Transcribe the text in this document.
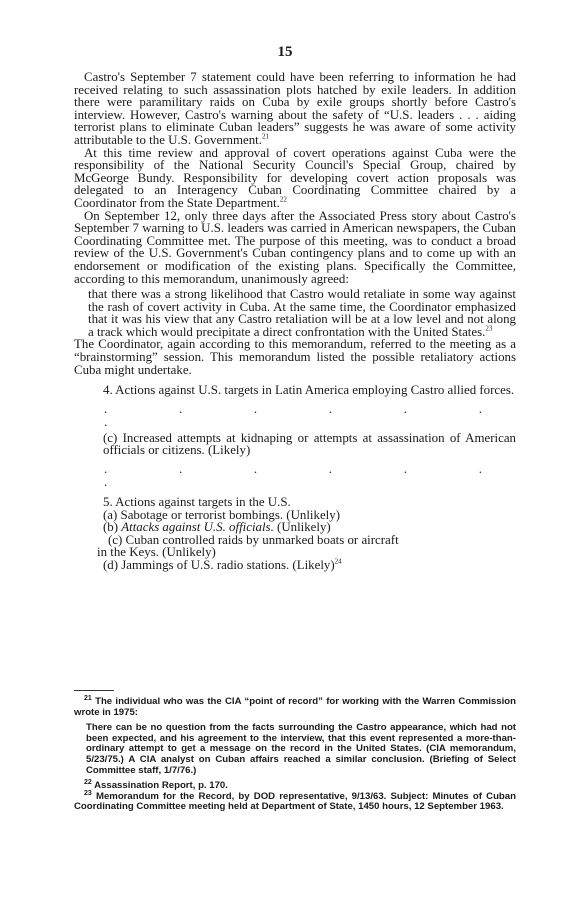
15

Castro's September 7 statement could have been referring to information he had received relating to such assassination plots hatched by exile leaders. In addition there were paramilitary raids on Cuba by exile groups shortly before Castro's interview. However, Castro's warning about the safety of “U.S. leaders . . . aiding terrorist plans to eliminate Cuban leaders” suggests he was aware of some activity attributable to the U.S. Government.$^{21}$

At this time review and approval of covert operations against Cuba were the responsibility of the National Security Council's Special Group, chaired by McGeorge Bundy. Responsibility for developing covert action proposals was delegated to an Interagency Cuban Coordinating Committee chaired by a Coordinator from the State Department.$^{22}$

On September 12, only three days after the Associated Press story about Castro's September 7 warning to U.S. leaders was carried in American newspapers, the Cuban Coordinating Committee met. The purpose of this meeting, was to conduct a broad review of the U.S. Government's Cuban contingency plans and to come up with an endorsement or modification of the existing plans. Specifically the Committee, according to this memorandum, unanimously agreed:

that there was a strong likelihood that Castro would retaliate in some way against the rash of covert activity in Cuba. At the same time, the Coordinator emphasized that it was his view that any Castro retaliation will be at a low level and not along a track which would precipitate a direct confrontation with the United States.$^{23}$

The Coordinator, again according to this memorandum, referred to the meeting as a “brainstorming” session. This memorandum listed the possible retaliatory actions Cuba might undertake.

4. Actions against U.S. targets in Latin America employing Castro allied forces.
. . . . . . .
(c) Increased attempts at kidnaping or attempts at assassination of American officials or citizens. (Likely)
. . . . . . .
5. Actions against targets in the U.S.
(a) Sabotage or terrorist bombings. (Unlikely)
(b) Attacks against U.S. officials. (Unlikely)
(c) Cuban controlled raids by unmarked boats or aircraft
in the Keys. (Unlikely)
(d) Jammings of U.S. radio stations. (Likely)$^{24}$

$^{21}$ The individual who was the CIA “point of record” for working with the Warren Commission wrote in 1975:

There can be no question from the facts surrounding the Castro appearance, which had not been expected, and his agreement to the interview, that this event represented a more-than-ordinary attempt to get a message on the record in the United States. (CIA memorandum, 5/23/75.) A CIA analyst on Cuban affairs reached a similar conclusion. (Briefing of Select Committee staff, 1/7/76.)

$^{22}$ Assassination Report, p. 170.

$^{23}$ Memorandum for the Record, by DOD representative, 9/13/63. Subject: Minutes of Cuban Coordinating Committee meeting held at Department of State, 1450 hours, 12 September 1963.
